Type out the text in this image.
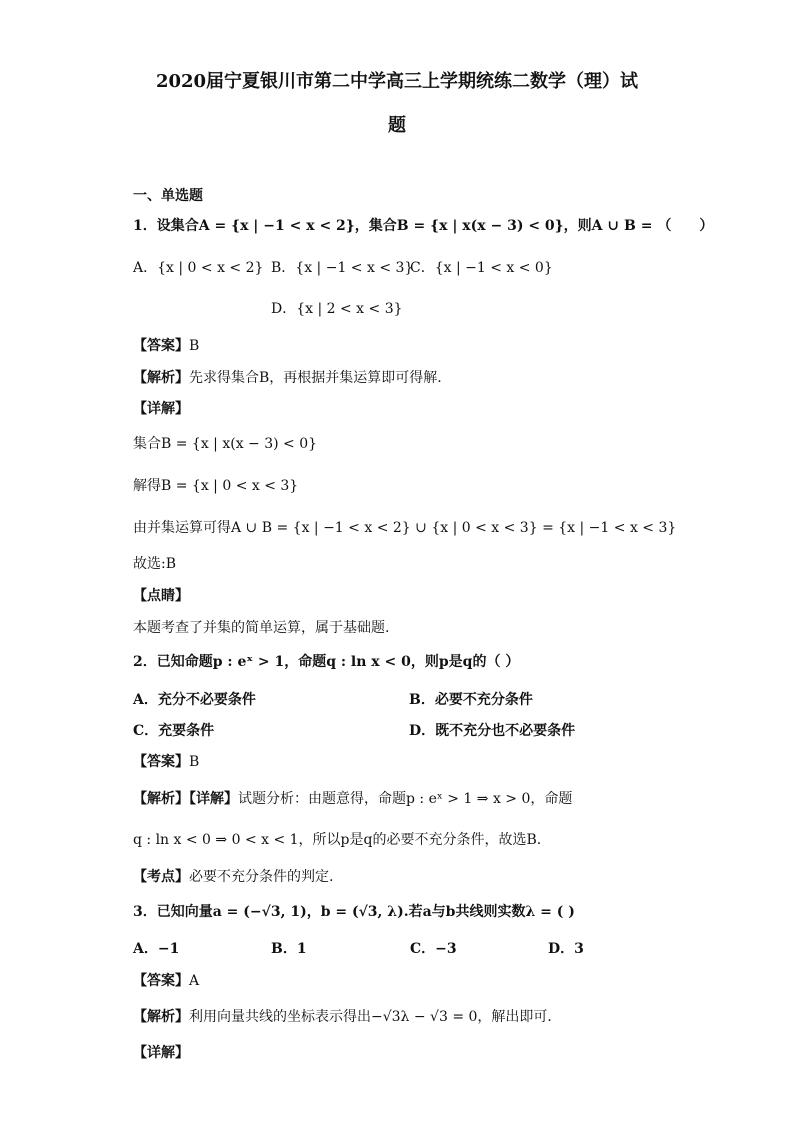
2020届宁夏银川市第二中学高三上学期统练二数学（理）试
题
一、单选题
1．设集合A = {x | −1 < x < 2}，集合B = {x | x(x − 3) < 0}，则A ∪ B = （　　）
A．{x | 0 < x < 2} B．{x | −1 < x < 3}
C．{x | −1 < x < 0}
D．{x | 2 < x < 3}
【答案】B
【解析】先求得集合B，再根据并集运算即可得解.
【详解】
集合B = {x | x(x − 3) < 0}
解得B = {x | 0 < x < 3}
由并集运算可得A ∪ B = {x | −1 < x < 2} ∪ {x | 0 < x < 3} = {x | −1 < x < 3}
故选:B
【点睛】
本题考查了并集的简单运算，属于基础题.
2．已知命题p : eˣ > 1，命题q : ln x < 0，则p是q的（ ）
A．充分不必要条件	B．必要不充分条件
C．充要条件	D．既不充分也不必要条件
【答案】B
【解析】【详解】试题分析：由题意得，命题p : eˣ > 1 ⇒ x > 0，命题
q : ln x < 0 ⇒ 0 < x < 1，所以p是q的必要不充分条件，故选B.
【考点】必要不充分条件的判定.
3．已知向量a = (−√3, 1)，b = (√3, λ).若a与b共线则实数λ = ( )
A．−1	B．1	C．−3	D．3
【答案】A
【解析】利用向量共线的坐标表示得出−√3λ − √3 = 0，解出即可．
【详解】
